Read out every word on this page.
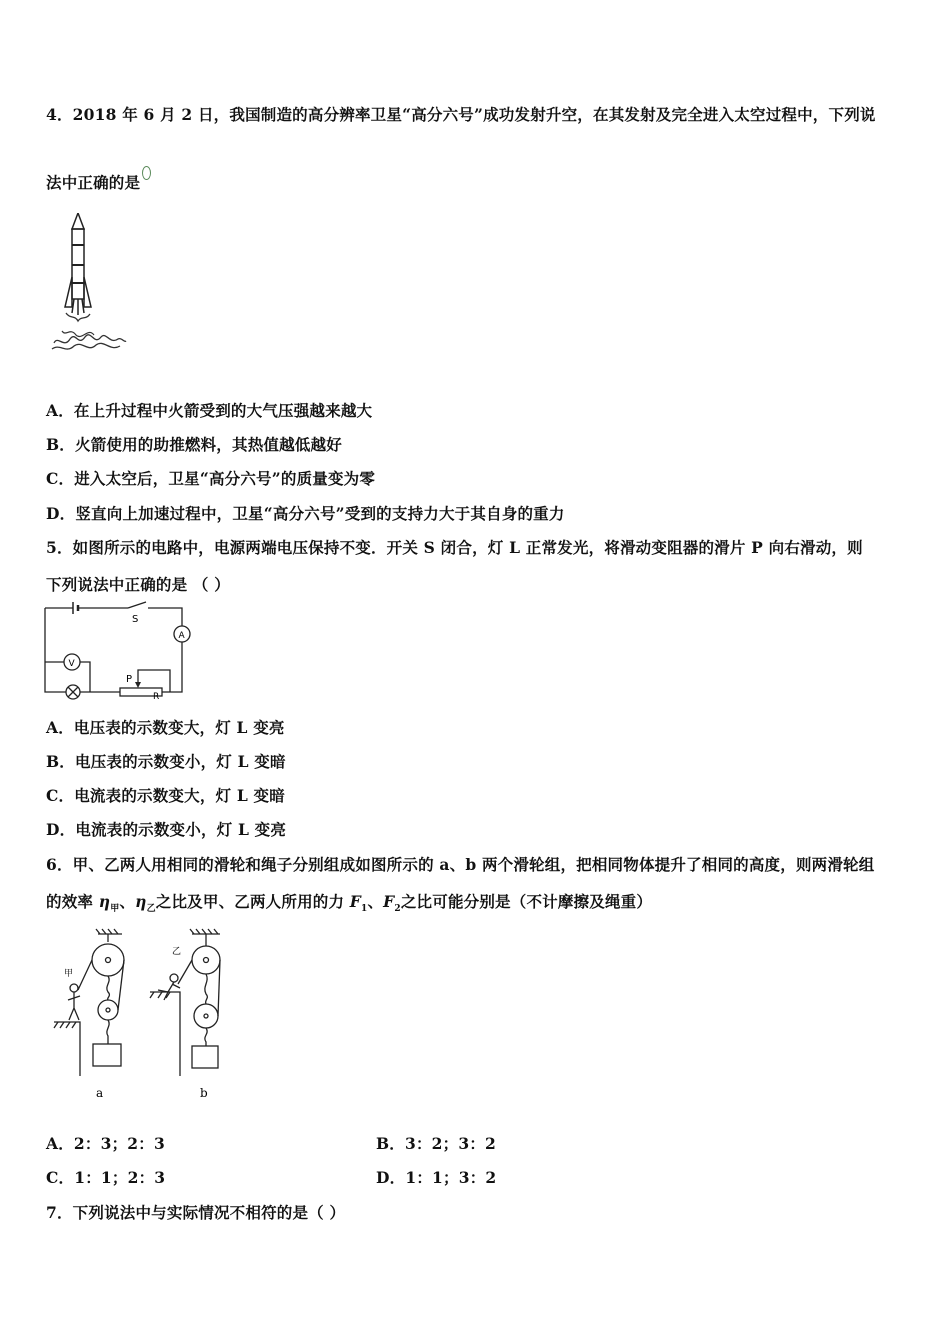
4．2018 年 6 月 2 日，我国制造的高分辨率卫星“高分六号”成功发射升空，在其发射及完全进入太空过程中，下列说
法中正确的是
A．在上升过程中火箭受到的大气压强越来越大
B．火箭使用的助推燃料，其热值越低越好
C．进入太空后，卫星“高分六号”的质量变为零
D．竖直向上加速过程中，卫星“高分六号”受到的支持力大于其自身的重力
5．如图所示的电路中，电源两端电压保持不变．开关 S 闭合，灯 L 正常发光，将滑动变阻器的滑片 P 向右滑动，则
下列说法中正确的是 （ ）
S
A
V
P
R
A．电压表的示数变大，灯 L 变亮
B．电压表的示数变小，灯 L 变暗
C．电流表的示数变大，灯 L 变暗
D．电流表的示数变小，灯 L 变亮
6．甲、乙两人用相同的滑轮和绳子分别组成如图所示的 a、b 两个滑轮组，把相同物体提升了相同的高度，则两滑轮组
的效率 $\eta_甲$、$\eta_乙$之比及甲、乙两人所用的力 $F_1$、$F_2$之比可能分别是（不计摩擦及绳重）
甲
乙
a	b
A．2：3；2：3	B．3：2；3：2
C．1：1；2：3	D．1：1；3：2
7．下列说法中与实际情况不相符的是（ ）
